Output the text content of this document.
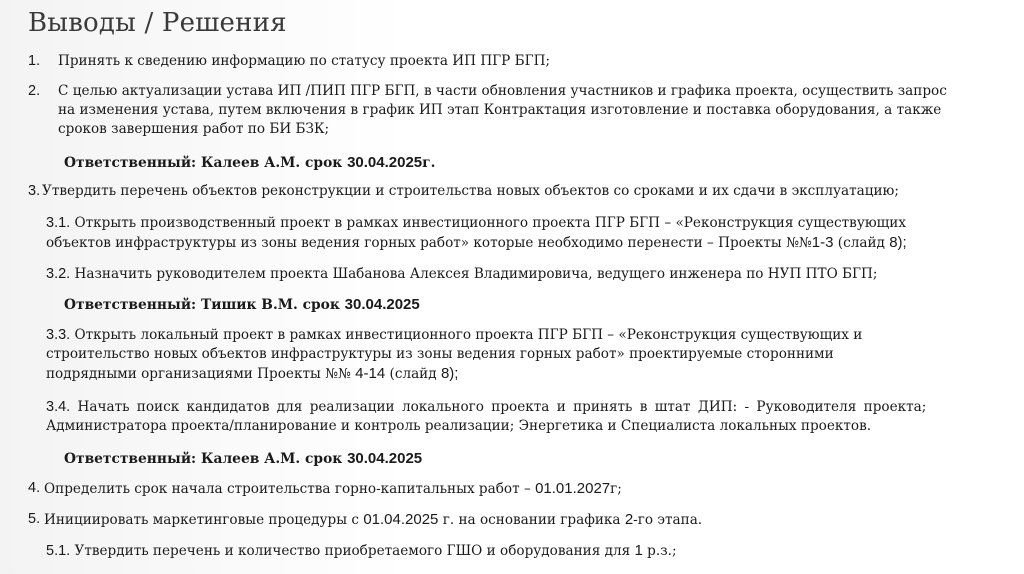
Выводы / Решения
1.	Принять к сведению информацию по статусу проекта ИП ПГР БГП;
2.	С целью актуализации устава ИП /ПИП ПГР БГП, в части обновления участников и графика проекта, осуществить запрос
на изменения устава, путем включения в график ИП этап Контрактация изготовление и поставка оборудования, а также
сроков завершения работ по БИ БЗК;
Ответственный: Калеев А.М. срок 30.04.2025г.
3. Утвердить перечень объектов реконструкции и строительства новых объектов со сроками и их сдачи в эксплуатацию;
3.1. Открыть производственный проект в рамках инвестиционного проекта ПГР БГП – «Реконструкция существующих
объектов инфраструктуры из зоны ведения горных работ» которые необходимо перенести – Проекты №№1-3 (слайд 8);
3.2. Назначить руководителем проекта Шабанова Алексея Владимировича, ведущего инженера по НУП ПТО БГП;
Ответственный: Тишик В.М. срок 30.04.2025
3.3. Открыть локальный проект в рамках инвестиционного проекта ПГР БГП – «Реконструкция существующих и
строительство новых объектов инфраструктуры из зоны ведения горных работ» проектируемые сторонними
подрядными организациями Проекты №№ 4-14 (слайд 8);
3.4. Начать поиск кандидатов для реализации локального проекта и принять в штат ДИП: - Руководителя проекта;
Администратора проекта/планирование и контроль реализации; Энергетика и Специалиста локальных проектов.
Ответственный: Калеев А.М. срок 30.04.2025
4. Определить срок начала строительства горно-капитальных работ – 01.01.2027г;
5. Инициировать маркетинговые процедуры с 01.04.2025 г. на основании графика 2-го этапа.
5.1. Утвердить перечень и количество приобретаемого ГШО и оборудования для 1 р.з.;
